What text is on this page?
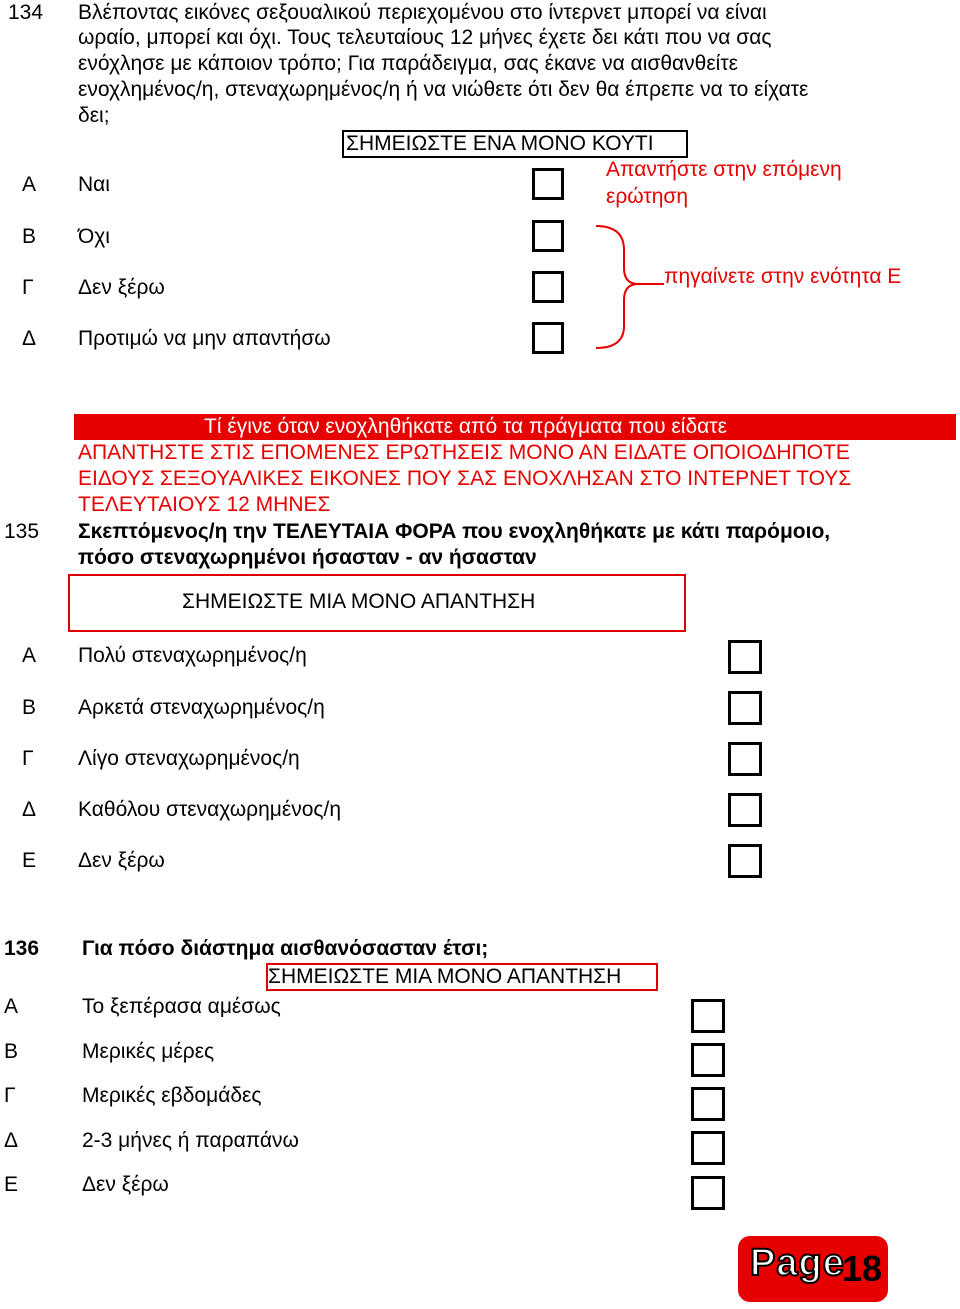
134 Βλέποντας εικόνες σεξουαλικού περιεχομένου στο ίντερνετ μπορεί να είναι
ωραίο, μπορεί και όχι. Τους τελευταίους 12 μήνες έχετε δει κάτι που να σας
ενόχλησε με κάποιον τρόπο; Για παράδειγμα, σας έκανε να αισθανθείτε
ενοχλημένος/η, στεναχωρημένος/η ή να νιώθετε ότι δεν θα έπρεπε να το είχατε
δει;
ΣΗΜΕΙΩΣΤΕ ΕΝΑ ΜΟΝΟ ΚΟΥΤΙ
Α Ναι
Απαντήστε στην επόμενη
ερώτηση
Β Όχι
Γ Δεν ξέρω
Δ Προτιμώ να μην απαντήσω
πηγαίνετε στην ενότητα Ε
Τί έγινε όταν ενοχληθήκατε από τα πράγματα που είδατε
ΑΠΑΝΤΗΣΤΕ ΣΤΙΣ ΕΠΟΜΕΝΕΣ ΕΡΩΤΗΣΕΙΣ ΜΟΝΟ ΑΝ ΕΙΔΑΤΕ ΟΠΟΙΟΔΗΠΟΤΕ
ΕΙΔΟΥΣ ΣΕΞΟΥΑΛΙΚΕΣ ΕΙΚΟΝΕΣ ΠΟΥ ΣΑΣ ΕΝΟΧΛΗΣΑΝ ΣΤΟ ΙΝΤΕΡΝΕΤ ΤΟΥΣ
ΤΕΛΕΥΤΑΙΟΥΣ 12 ΜΗΝΕΣ
135 Σκεπτόμενος/η την ΤΕΛΕΥΤΑΙΑ ΦΟΡΑ που ενοχληθήκατε με κάτι παρόμοιο,
πόσο στεναχωρημένοι ήσασταν - αν ήσασταν
ΣΗΜΕΙΩΣΤΕ ΜΙΑ ΜΟΝΟ ΑΠΑΝΤΗΣΗ
Α Πολύ στεναχωρημένος/η
Β Αρκετά στεναχωρημένος/η
Γ Λίγο στεναχωρημένος/η
Δ Καθόλου στεναχωρημένος/η
Ε Δεν ξέρω
136 Για πόσο διάστημα αισθανόσασταν έτσι;
ΣΗΜΕΙΩΣΤΕ ΜΙΑ ΜΟΝΟ ΑΠΑΝΤΗΣΗ
Α	Το ξεπέρασα αμέσως
Β	Μερικές μέρες
Γ	Μερικές εβδομάδες
Δ	2-3 μήνες ή παραπάνω
Ε	Δεν ξέρω
Page
18
